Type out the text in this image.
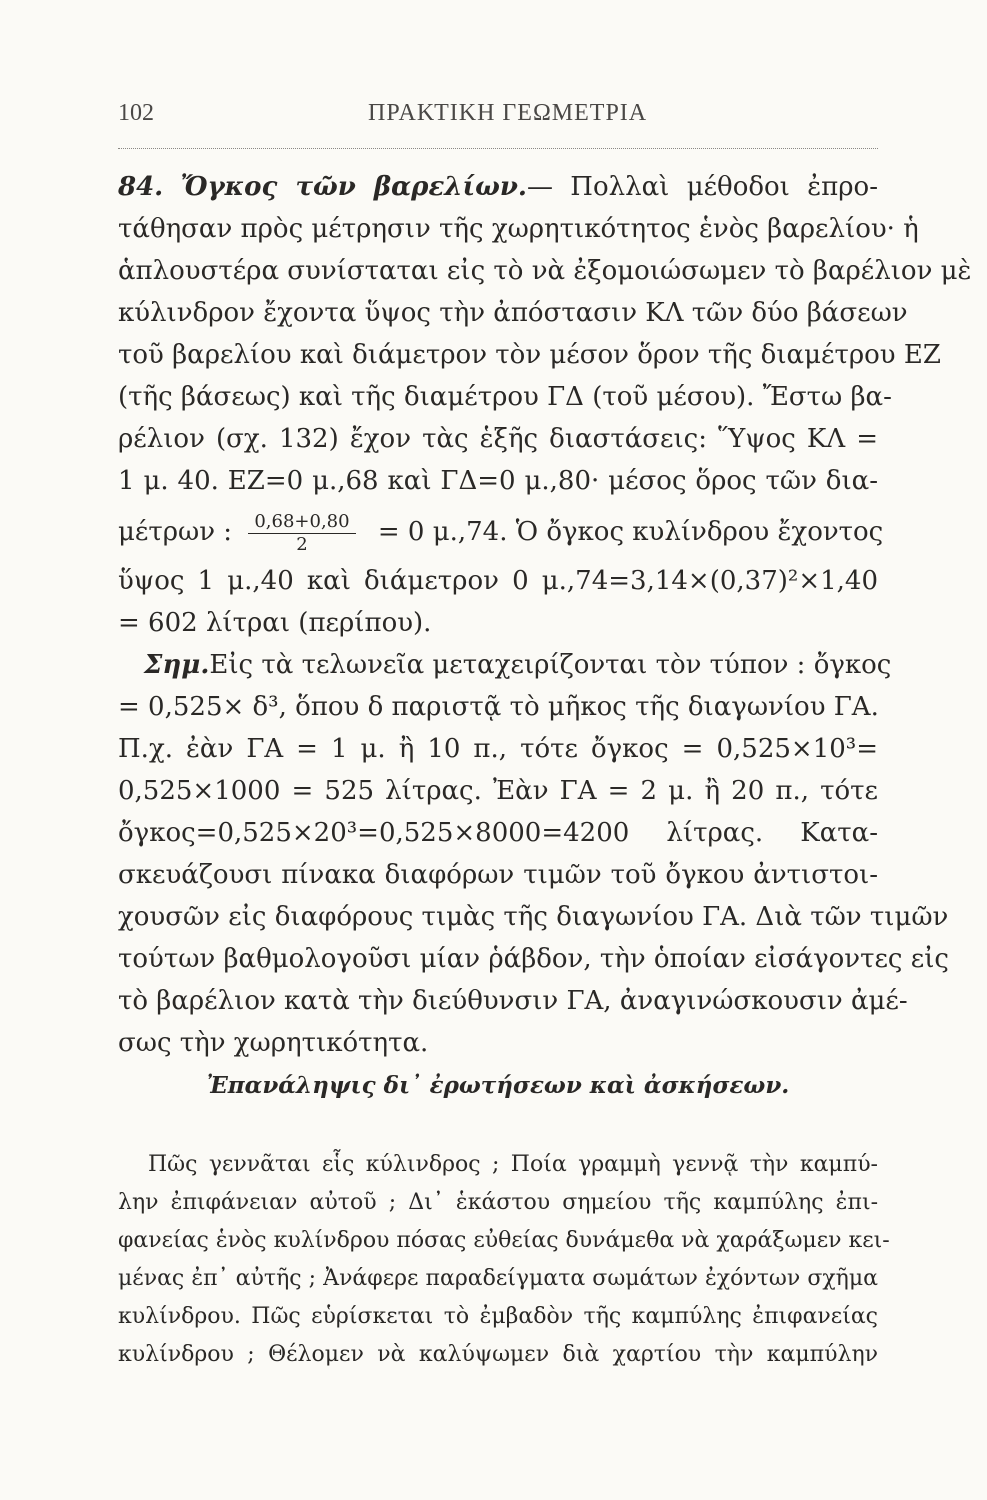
102	ΠΡΑΚΤΙΚΗ ΓΕΩΜΕΤΡΙΑ
84. Ὄγκος τῶν βαρελίων.— Πολλαὶ μέθοδοι ἐπρο-
τάθησαν πρὸς μέτρησιν τῆς χωρητικότητος ἑνὸς βαρελίου· ἡ
ἁπλουστέρα συνίσταται εἰς τὸ νὰ ἐξομοιώσωμεν τὸ βαρέλιον μὲ
κύλινδρον ἔχοντα ὕψος τὴν ἀπόστασιν ΚΛ τῶν δύο βάσεων
τοῦ βαρελίου καὶ διάμετρον τὸν μέσον ὅρον τῆς διαμέτρου ΕΖ
(τῆς βάσεως) καὶ τῆς διαμέτρου ΓΔ (τοῦ μέσου). Ἔστω βα-
ρέλιον (σχ. 132) ἔχον τὰς ἑξῆς διαστάσεις: Ὕψος ΚΛ =
1 μ. 40. ΕΖ=0 μ.,68 καὶ ΓΔ=0 μ.,80· μέσος ὅρος τῶν δια-
μέτρων : $\frac{0,68+0,80}{2} = 0$ μ.,74. Ὁ ὄγκος κυλίνδρου ἔχοντος
ὕψος 1 μ.,40 καὶ διάμετρον 0 μ.,74=3,14×(0,37)²×1,40
= 602 λίτραι (περίπου).
Σημ.Εἰς τὰ τελωνεῖα μεταχειρίζονται τὸν τύπον : ὄγκος
= 0,525× δ³, ὅπου δ παριστᾷ τὸ μῆκος τῆς διαγωνίου ΓΑ.
Π.χ. ἐὰν ΓΑ = 1 μ. ἢ 10 π., τότε ὄγκος = 0,525×10³=
0,525×1000 = 525 λίτρας. Ἐὰν ΓΑ = 2 μ. ἢ 20 π., τότε
ὄγκος=0,525×20³=0,525×8000=4200 λίτρας. Κατα-
σκευάζουσι πίνακα διαφόρων τιμῶν τοῦ ὄγκου ἀντιστοι-
χουσῶν εἰς διαφόρους τιμὰς τῆς διαγωνίου ΓΑ. Διὰ τῶν τιμῶν
τούτων βαθμολογοῦσι μίαν ῥάβδον, τὴν ὁποίαν εἰσάγοντες εἰς
τὸ βαρέλιον κατὰ τὴν διεύθυνσιν ΓΑ, ἀναγινώσκουσιν ἀμέ-
σως τὴν χωρητικότητα.
Ἐπανάληψις δι᾽ ἐρωτήσεων καὶ ἀσκήσεων.
Πῶς γεννᾶται εἷς κύλινδρος ; Ποία γραμμὴ γεννᾷ τὴν καμπύ-
λην ἐπιφάνειαν αὐτοῦ ; Δι᾽ ἑκάστου σημείου τῆς καμπύλης ἐπι-
φανείας ἑνὸς κυλίνδρου πόσας εὐθείας δυνάμεθα νὰ χαράξωμεν κει-
μένας ἐπ᾽ αὐτῆς ; Ἀνάφερε παραδείγματα σωμάτων ἐχόντων σχῆμα
κυλίνδρου. Πῶς εὑρίσκεται τὸ ἐμβαδὸν τῆς καμπύλης ἐπιφανείας
κυλίνδρου ; Θέλομεν νὰ καλύψωμεν διὰ χαρτίου τὴν καμπύλην
